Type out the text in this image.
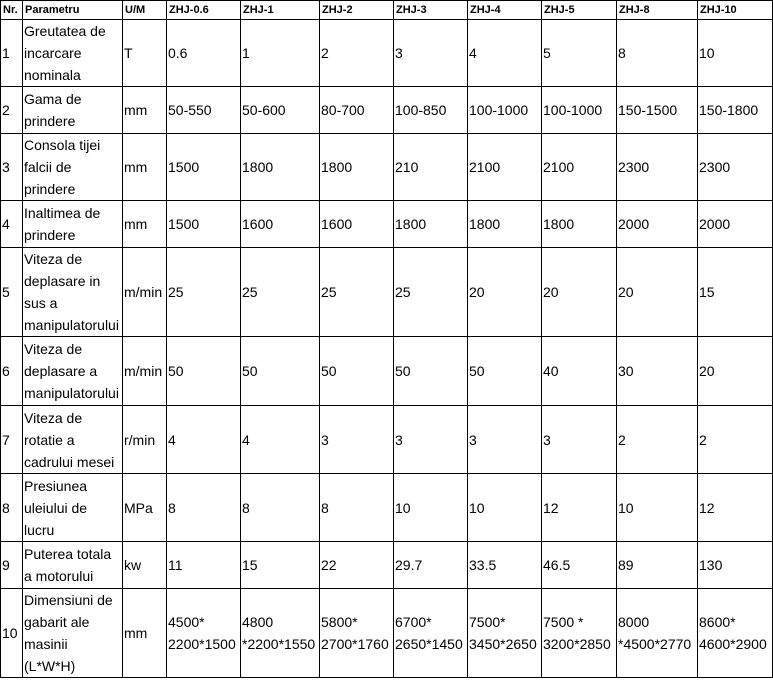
Nr.	Parametru	U/M	ZHJ-0.6	ZHJ-1	ZHJ-2	ZHJ-3	ZHJ-4	ZHJ-5	ZHJ-8	ZHJ-10

1	Greutatea de
incarcare
nominala	T	0.6	1	2	3	4	5	8	10

2	Gama de
prindere	mm	50-550	50-600	80-700	100-850	100-1000	100-1000	150-1500	150-1800

3	Consola tijei
falcii de
prindere	mm	1500	1800	1800	210	2100	2100	2300	2300

4	Inaltimea de
prindere	mm	1500	1600	1600	1800	1800	1800	2000	2000

5	Viteza de
deplasare in
sus a
manipulatorului	m/min	25	25	25	25	20	20	20	15

6	Viteza de
deplasare a
manipulatorului	m/min	50	50	50	50	50	40	30	20

7	Viteza de
rotatie a
cadrului mesei	r/min	4	4	3	3	3	3	2	2

8	Presiunea
uleiului de
lucru	MPa	8	8	8	10	10	12	10	12

9	Puterea totala
a motorului	kw	11	15	22	29.7	33.5	46.5	89	130

10	Dimensiuni de
gabarit ale
masinii
(L*W*H)	mm	4500*
2200*1500	4800
*2200*1550	5800*
2700*1760	6700*
2650*1450	7500*
3450*2650	7500 *
3200*2850	8000
*4500*2770	8600*
4600*2900
